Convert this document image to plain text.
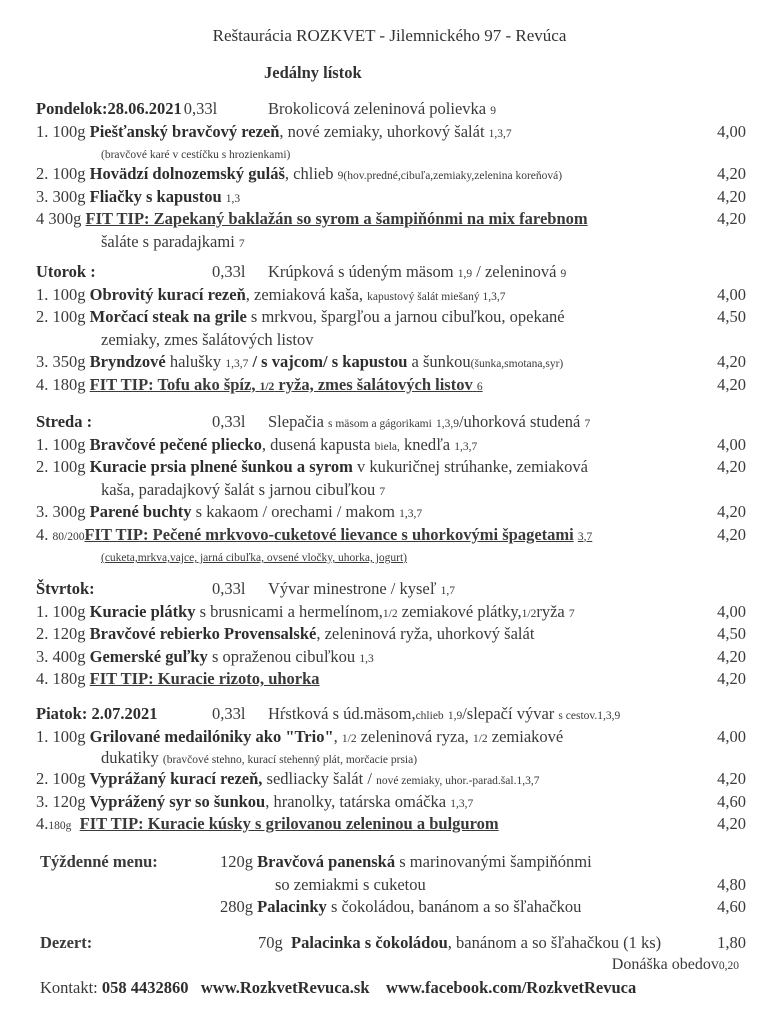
Reštaurácia ROZKVET - Jilemnického 97 - Revúca
Jedálny lístok
Pondelok:28.06.2021 0,33l	Brokolicová zeleninová polievka 9
1. 100g Piešťanský bravčový rezeň, nové zemiaky, uhorkový šalát 1,3,7	4,00
(bravčové karé v cestíčku s hrozienkami)
2. 100g Hovädzí dolnozemský guláš, chlieb 9(hov.predné,cibuľa,zemiaky,zelenina koreňová)	4,20
3. 300g Fliačky s kapustou 1,3	4,20
4 300g FIT TIP: Zapekaný baklažán so syrom a šampiňónmi na mix farebnom	4,20
šaláte s paradajkami 7
Utorok :	0,33l Krúpková s údeným mäsom 1,9 / zeleninová 9
1. 100g Obrovitý kurací rezeň, zemiaková kaša, kapustový šalát miešaný 1,3,7	4,00
2. 100g Morčací steak na grile s mrkvou, špargľou a jarnou cibuľkou, opekané	4,50
zemiaky, zmes šalátových listov
3. 350g Bryndzové halušky 1,3,7 / s vajcom/ s kapustou a šunkou(šunka,smotana,syr)	4,20
4. 180g FIT TIP: Tofu ako špíz, 1/2 ryža, zmes šalátových listov 6	4,20
Streda :	0,33l Slepačia s mäsom a gágorikami 1,3,9/uhorková studená 7
1. 100g Bravčové pečené pliecko, dusená kapusta biela, knedľa 1,3,7	4,00
2. 100g Kuracie prsia plnené šunkou a syrom v kukuričnej strúhanke, zemiaková	4,20
kaša, paradajkový šalát s jarnou cibuľkou 7
3. 300g Parené buchty s kakaom / orechami / makom 1,3,7	4,20
4. 80/200FIT TIP: Pečené mrkvovo-cuketové lievance s uhorkovými špagetami 3,7	4,20
(cuketa,mrkva,vajce, jarná cibuľka, ovsené vločky, uhorka, jogurt)
Štvrtok:	0,33l Vývar minestrone / kyseľ 1,7
1. 100g Kuracie plátky s brusnicami a hermelínom,1/2 zemiakové plátky,1/2ryža 7	4,00
2. 120g Bravčové rebierko Provensalské, zeleninová ryža, uhorkový šalát	4,50
3. 400g Gemerské guľky s opraženou cibuľkou 1,3	4,20
4. 180g FIT TIP: Kuracie rizoto, uhorka	4,20
Piatok: 2.07.2021	0,33l Hŕstková s úd.mäsom,chlieb 1,9/slepačí vývar s cestov.1,3,9
1. 100g Grilované medailóniky ako "Trio", 1/2 zeleninová ryza, 1/2 zemiakové	4,00
dukatiky (bravčové stehno, kurací stehenný plát, morčacie prsia)
2. 100g Vyprážaný kurací rezeň, sedliacky šalát / nové zemiaky, uhor.-parad.šal.1,3,7	4,20
3. 120g Vyprážený syr so šunkou, hranolky, tatárska omáčka 1,3,7	4,60
4.180g FIT TIP: Kuracie kúsky s grilovanou zeleninou a bulgurom	4,20
Týždenné menu:	120g Bravčová panenská s marinovanými šampiňónmi
so zemiakmi s cuketou	4,80
280g Palacinky s čokoládou, banánom a so šľahačkou	4,60
Dezert:	70g Palacinka s čokoládou, banánom a so šľahačkou (1 ks)	1,80
Donáška obedov0,20
Kontakt: 058 4432860 www.RozkvetRevuca.sk www.facebook.com/RozkvetRevuca
